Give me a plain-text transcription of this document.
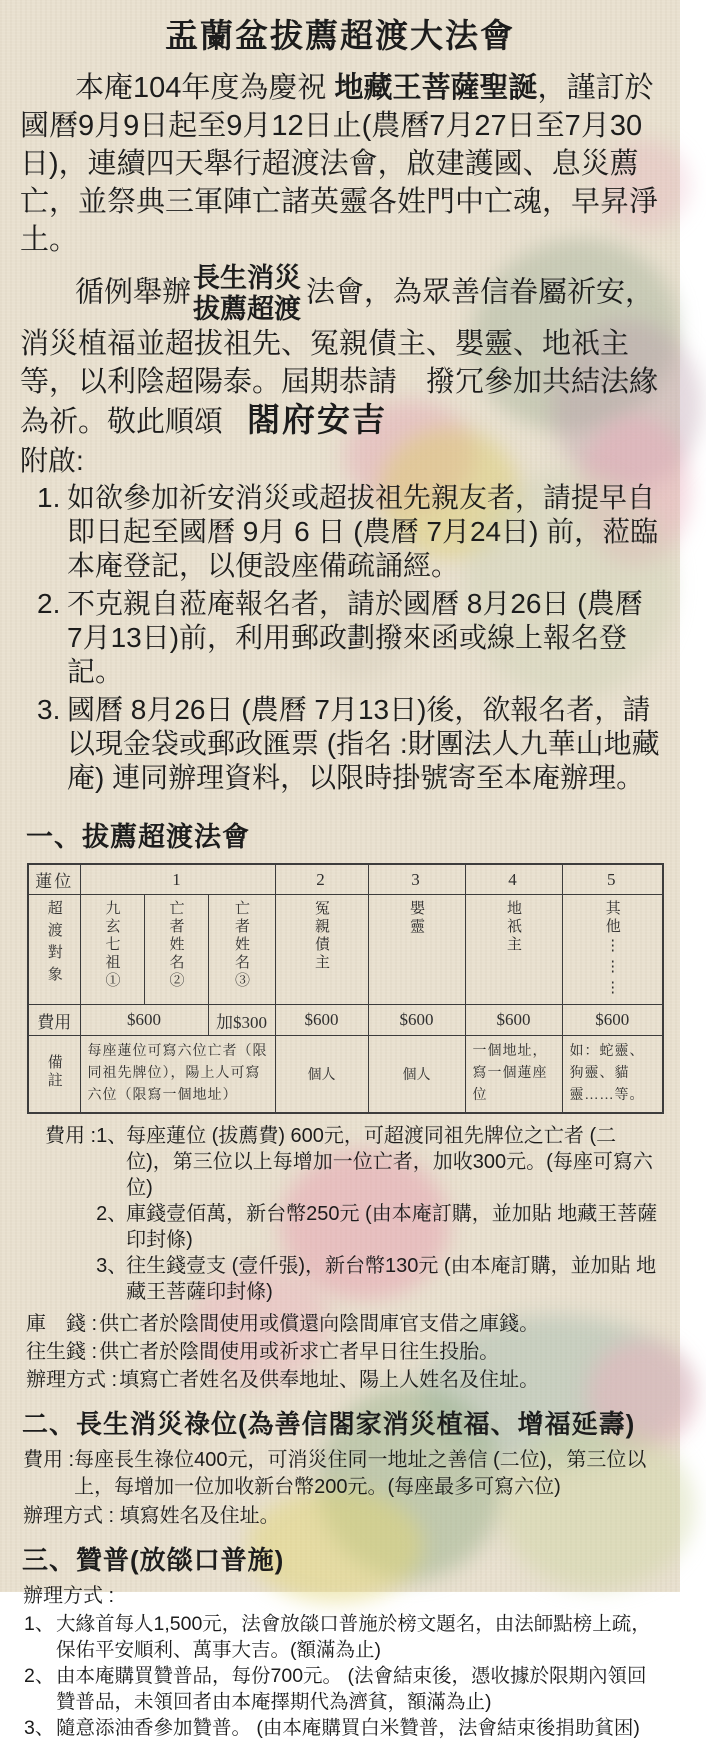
盂蘭盆拔薦超渡大法會

本庵104年度為慶祝 地藏王菩薩聖誕，謹訂於國曆9月9日起至9月12日止(農曆7月27日至7月30日)，連續四天舉行超渡法會，啟建護國、息災薦亡，並祭典三軍陣亡諸英靈各姓門中亡魂，早昇淨土。

循例舉辦 長生消災
拔薦超渡
法會，為眾善信眷屬祈安，消災植福並超拔祖先、冤親債主、嬰靈、地祇主等，以利陰超陽泰。屆期恭請　撥冗參加共結法緣為祈。敬此順頌 閤府安吉

附啟:
1. 如欲參加祈安消災或超拔祖先親友者，請提早自即日起至國曆 9月 6 日 (農曆 7月24日) 前，蒞臨本庵登記，以便設座備疏誦經。
2. 不克親自蒞庵報名者，請於國曆 8月26日 (農曆 7月13日)前，利用郵政劃撥來函或線上報名登記。
3. 國曆 8月26日 (農曆 7月13日)後，欲報名者，請以現金袋或郵政匯票 (指名 :財團法人九華山地藏庵) 連同辦理資料，以限時掛號寄至本庵辦理。
一、拔薦超渡法會
蓮位	1			2	3	4	5
超渡對象	九玄七祖①	亡者姓名②	亡者姓名③	冤親債主	嬰靈	地祇主	其他⋮⋮⋮
費用	$600		加$300	$600	$600	$600	$600
備註	每座蓮位可寫六位亡者（限同祖先牌位），陽上人可寫六位（限寫一個地址）			個人	個人	一個地址，寫一個蓮座位	如：蛇靈、狗靈、貓靈……等。
費用 : 1、
每座蓮位 (拔薦費) 600元，可超渡同祖先牌位之亡者 (二位)，第三位以上每增加一位亡者，加收300元。(每座可寫六位)
2、
庫錢壹佰萬，新台幣250元 (由本庵訂購，並加貼 地藏王菩薩印封條)
3、
往生錢壹支 (壹仟張)，新台幣130元 (由本庵訂購，並加貼 地藏王菩薩印封條)
庫　錢 : 供亡者於陰間使用或償還向陰間庫官支借之庫錢。
往生錢 : 供亡者於陰間使用或祈求亡者早日往生投胎。
辦理方式 : 填寫亡者姓名及供奉地址、陽上人姓名及住址。
二、長生消災祿位(為善信閤家消災植福、增福延壽)
費用 : 每座長生祿位400元，可消災住同一地址之善信 (二位)，第三位以上，每增加一位加收新台幣200元。(每座最多可寫六位)
辦理方式 : 填寫姓名及住址。
三、贊普(放燄口普施)
辦理方式 :
1、 大緣首每人1,500元，法會放燄口普施於榜文題名，由法師點榜上疏，保佑平安順利、萬事大吉。(額滿為止)
2、 由本庵購買贊普品，每份700元。 (法會結束後，憑收據於限期內領回贊普品，未領回者由本庵擇期代為濟貧，額滿為止)
3、 隨意添油香參加贊普。 (由本庵購買白米贊普，法會結束後捐助貧困)
